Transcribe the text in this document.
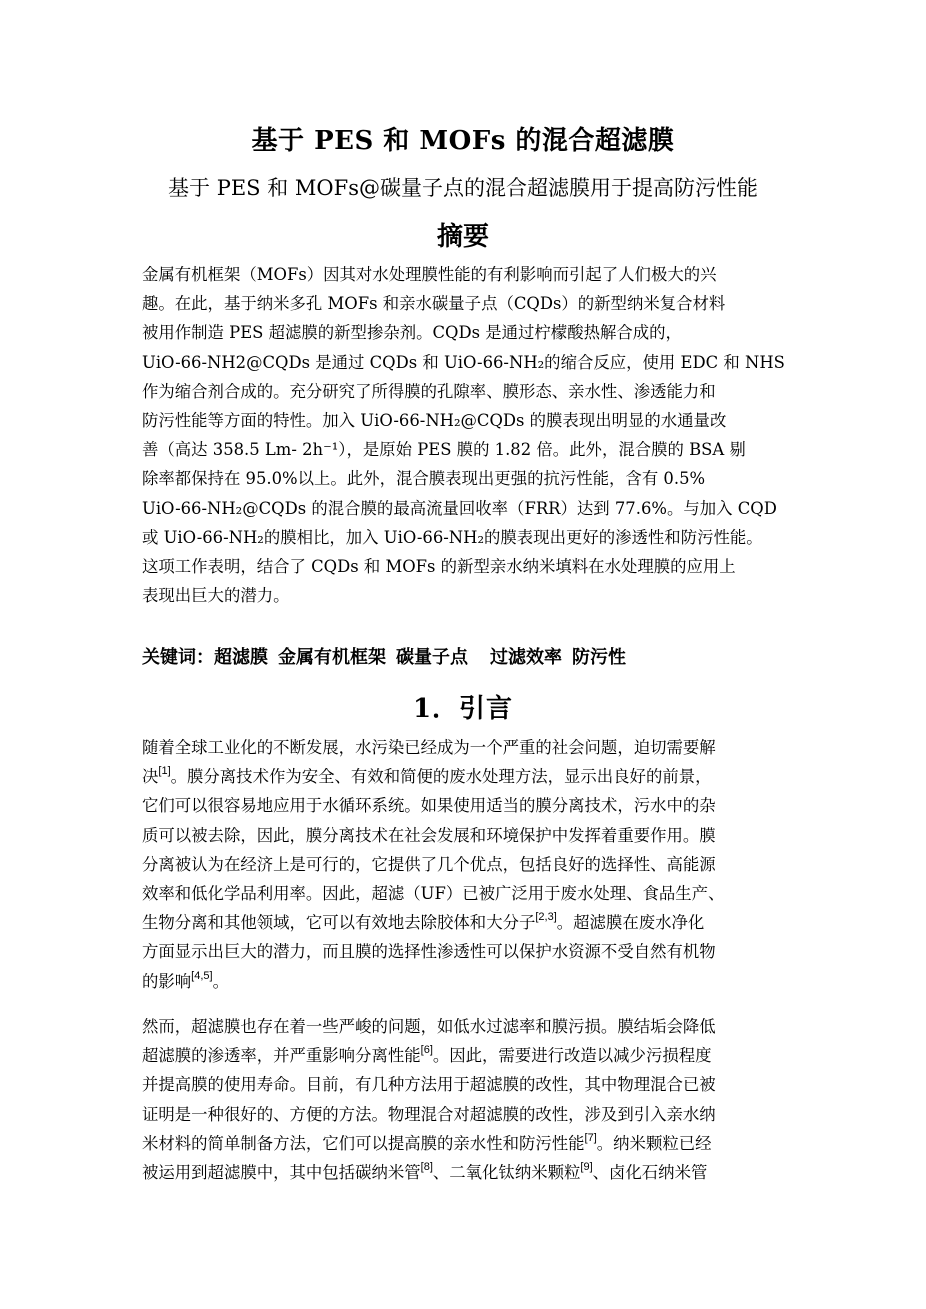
基于 PES 和 MOFs 的混合超滤膜
基于 PES 和 MOFs@碳量子点的混合超滤膜用于提高防污性能
摘要
金属有机框架（MOFs）因其对水处理膜性能的有利影响而引起了人们极大的兴
趣。在此，基于纳米多孔 MOFs 和亲水碳量子点（CQDs）的新型纳米复合材料
被用作制造 PES 超滤膜的新型掺杂剂。CQDs 是通过柠檬酸热解合成的，
UiO-66-NH2@CQDs 是通过 CQDs 和 UiO-66-NH₂的缩合反应，使用 EDC 和 NHS
作为缩合剂合成的。充分研究了所得膜的孔隙率、膜形态、亲水性、渗透能力和
防污性能等方面的特性。加入 UiO-66-NH₂@CQDs 的膜表现出明显的水通量改
善（高达 358.5 Lm- 2h⁻¹），是原始 PES 膜的 1.82 倍。此外，混合膜的 BSA 剔
除率都保持在 95.0%以上。此外，混合膜表现出更强的抗污性能，含有 0.5%
UiO-66-NH₂@CQDs 的混合膜的最高流量回收率（FRR）达到 77.6%。与加入 CQD
或 UiO-66-NH₂的膜相比，加入 UiO-66-NH₂的膜表现出更好的渗透性和防污性能。
这项工作表明，结合了 CQDs 和 MOFs 的新型亲水纳米填料在水处理膜的应用上
表现出巨大的潜力。
关键词：超滤膜 金属有机框架 碳量子点 过滤效率 防污性
1．引言
随着全球工业化的不断发展，水污染已经成为一个严重的社会问题，迫切需要解
决[1]。膜分离技术作为安全、有效和简便的废水处理方法，显示出良好的前景，
它们可以很容易地应用于水循环系统。如果使用适当的膜分离技术，污水中的杂
质可以被去除，因此，膜分离技术在社会发展和环境保护中发挥着重要作用。膜
分离被认为在经济上是可行的，它提供了几个优点，包括良好的选择性、高能源
效率和低化学品利用率。因此，超滤（UF）已被广泛用于废水处理、食品生产、
生物分离和其他领域，它可以有效地去除胶体和大分子[2,3]。超滤膜在废水净化
方面显示出巨大的潜力，而且膜的选择性渗透性可以保护水资源不受自然有机物
的影响[4,5]。
然而，超滤膜也存在着一些严峻的问题，如低水过滤率和膜污损。膜结垢会降低
超滤膜的渗透率，并严重影响分离性能[6]。因此，需要进行改造以减少污损程度
并提高膜的使用寿命。目前，有几种方法用于超滤膜的改性，其中物理混合已被
证明是一种很好的、方便的方法。物理混合对超滤膜的改性，涉及到引入亲水纳
米材料的简单制备方法，它们可以提高膜的亲水性和防污性能[7]。纳米颗粒已经
被运用到超滤膜中，其中包括碳纳米管[8]、二氧化钛纳米颗粒[9]、卤化石纳米管
